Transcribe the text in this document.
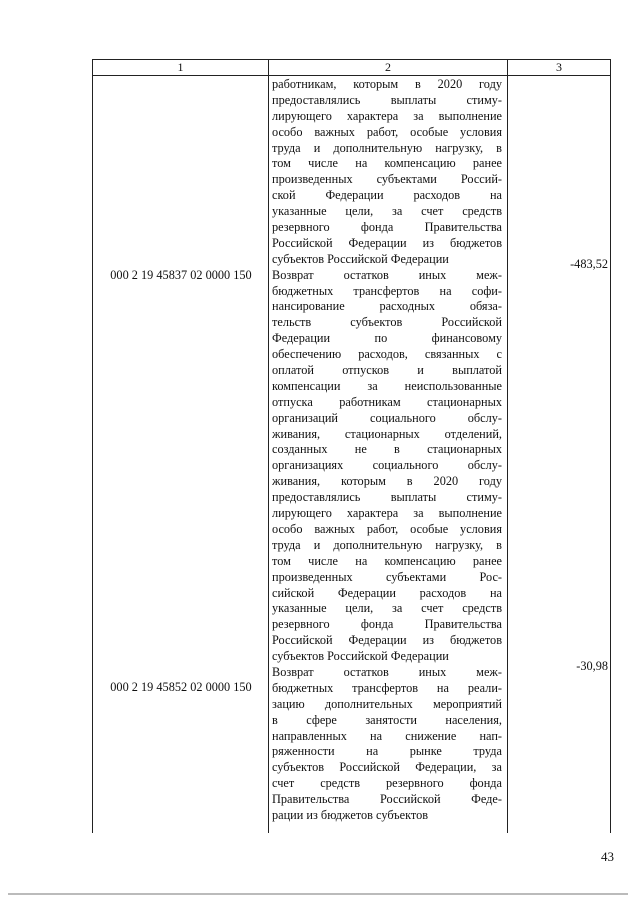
1	2	3
000 2 19 45837 02 0000 150
-483,52
000 2 19 45852 02 0000 150
-30,98
работникам, которым в 2020 году
предоставлялись выплаты стиму-
лирующего характера за выполнение
особо важных работ, особые условия
труда и дополнительную нагрузку, в
том числе на компенсацию ранее
произведенных субъектами Россий-
ской Федерации расходов на
указанные цели, за счет средств
резервного фонда Правительства
Российской Федерации из бюджетов
субъектов Российской Федерации
Возврат остатков иных меж-
бюджетных трансфертов на софи-
нансирование расходных обяза-
тельств субъектов Российской
Федерации по финансовому
обеспечению расходов, связанных с
оплатой отпусков и выплатой
компенсации за неиспользованные
отпуска работникам стационарных
организаций социального обслу-
живания, стационарных отделений,
созданных не в стационарных
организациях социального обслу-
живания, которым в 2020 году
предоставлялись выплаты стиму-
лирующего характера за выполнение
особо важных работ, особые условия
труда и дополнительную нагрузку, в
том числе на компенсацию ранее
произведенных субъектами Рос-
сийской Федерации расходов на
указанные цели, за счет средств
резервного фонда Правительства
Российской Федерации из бюджетов
субъектов Российской Федерации
Возврат остатков иных меж-
бюджетных трансфертов на реали-
зацию дополнительных мероприятий
в сфере занятости населения,
направленных на снижение нап-
ряженности на рынке труда
субъектов Российской Федерации, за
счет средств резервного фонда
Правительства Российской Феде-
рации из бюджетов субъектов
43
